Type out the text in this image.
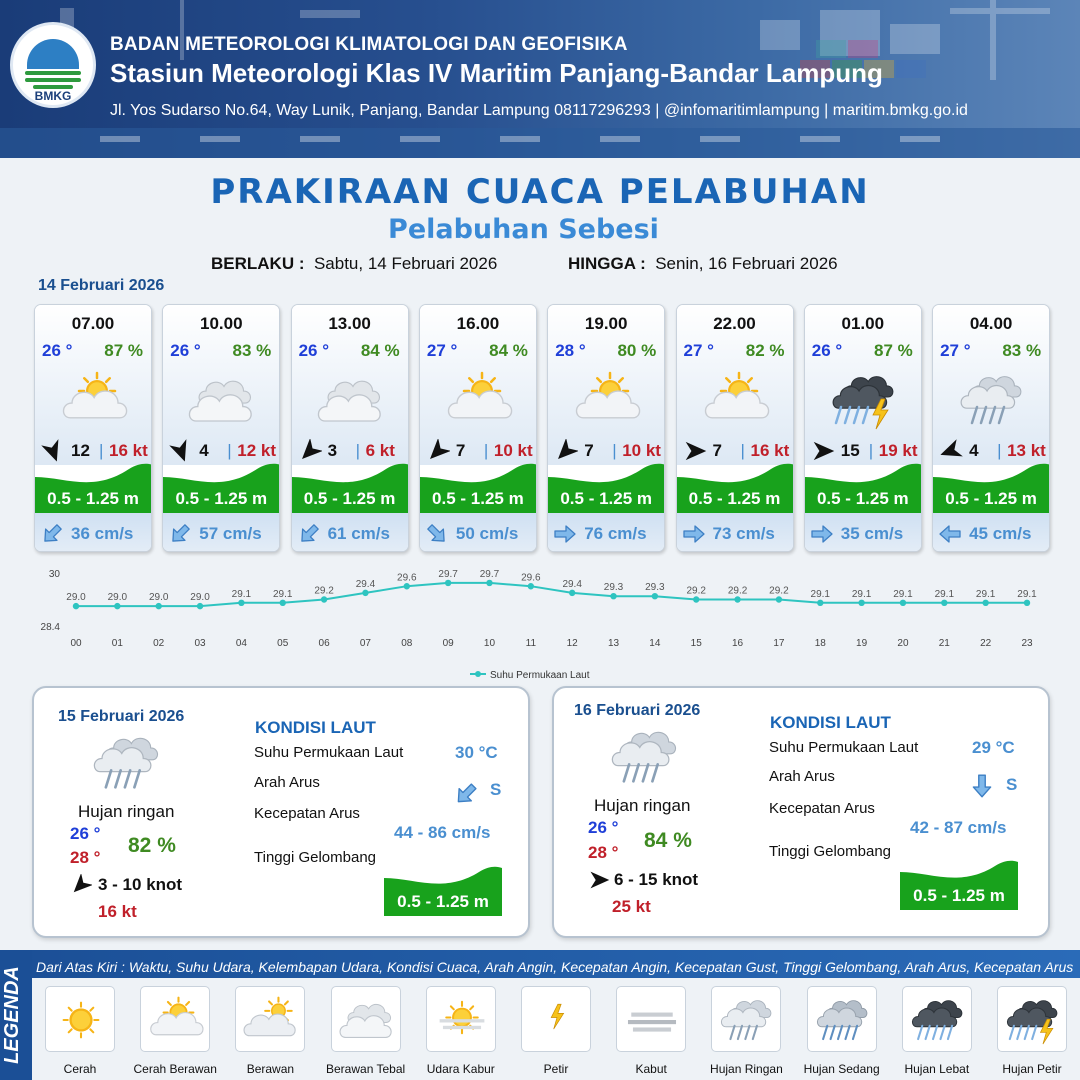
BMKG
BADAN METEOROLOGI KLIMATOLOGI DAN GEOFISIKA
Stasiun Meteorologi Klas IV Maritim Panjang-Bandar Lampung
Jl. Yos Sudarso No.64, Way Lunik, Panjang, Bandar Lampung 08117296293 | @infomaritimlampung | maritim.bmkg.go.id
PRAKIRAAN CUACA PELABUHAN
Pelabuhan Sebesi
BERLAKU : Sabtu, 14 Februari 2026	HINGGA : Senin, 16 Februari 2026
14 Februari 2026
07.00
26 ° 87 %
12 | 16 kt
0.5 - 1.25 m
36 cm/s
10.00
26 ° 83 %
4 | 12 kt
0.5 - 1.25 m
57 cm/s
13.00
26 ° 84 %
3 | 6 kt
0.5 - 1.25 m
61 cm/s
16.00
27 ° 84 %
7 | 10 kt
0.5 - 1.25 m
50 cm/s
19.00
28 ° 80 %
7 | 10 kt
0.5 - 1.25 m
76 cm/s
22.00
27 ° 82 %
7 | 16 kt
0.5 - 1.25 m
73 cm/s
01.00
26 ° 87 %
15 | 19 kt
0.5 - 1.25 m
35 cm/s
04.00
27 ° 83 %
4 | 13 kt
0.5 - 1.25 m
45 cm/s
30
28.4
29.0
00
29.0
01
29.0
02
29.0
03
29.1
04
29.1
05
29.2
06
29.4
07
29.6
08
29.7
09
29.7
10
29.6
11
29.4
12
29.3
13
29.3
14
29.2
15
29.2
16
29.2
17
29.1
18
29.1
19
29.1
20
29.1
21
29.1
22
29.1
23
Suhu Permukaan Laut
15 Februari 2026
Hujan ringan
26 °
28 °
82 %
3 - 10 knot
16 kt
KONDISI LAUT
Suhu Permukaan Laut	30 °C
Arah Arus	S
Kecepatan Arus
44 - 86 cm/s
Tinggi Gelombang
0.5 - 1.25 m
16 Februari 2026
Hujan ringan
26 °
28 °
84 %
6 - 15 knot
25 kt
KONDISI LAUT
Suhu Permukaan Laut	29 °C
Arah Arus	S
Kecepatan Arus
42 - 87 cm/s
Tinggi Gelombang
0.5 - 1.25 m
LEGENDA Dari Atas Kiri : Waktu, Suhu Udara, Kelembapan Udara, Kondisi Cuaca, Arah Angin, Kecepatan Angin, Kecepatan Gust, Tinggi Gelombang, Arah Arus, Kecepatan Arus
Cerah	Cerah Berawan	Berawan	Berawan Tebal	Udara Kabur	Petir	Kabut	Hujan Ringan	Hujan Sedang	Hujan Lebat	Hujan Petir
